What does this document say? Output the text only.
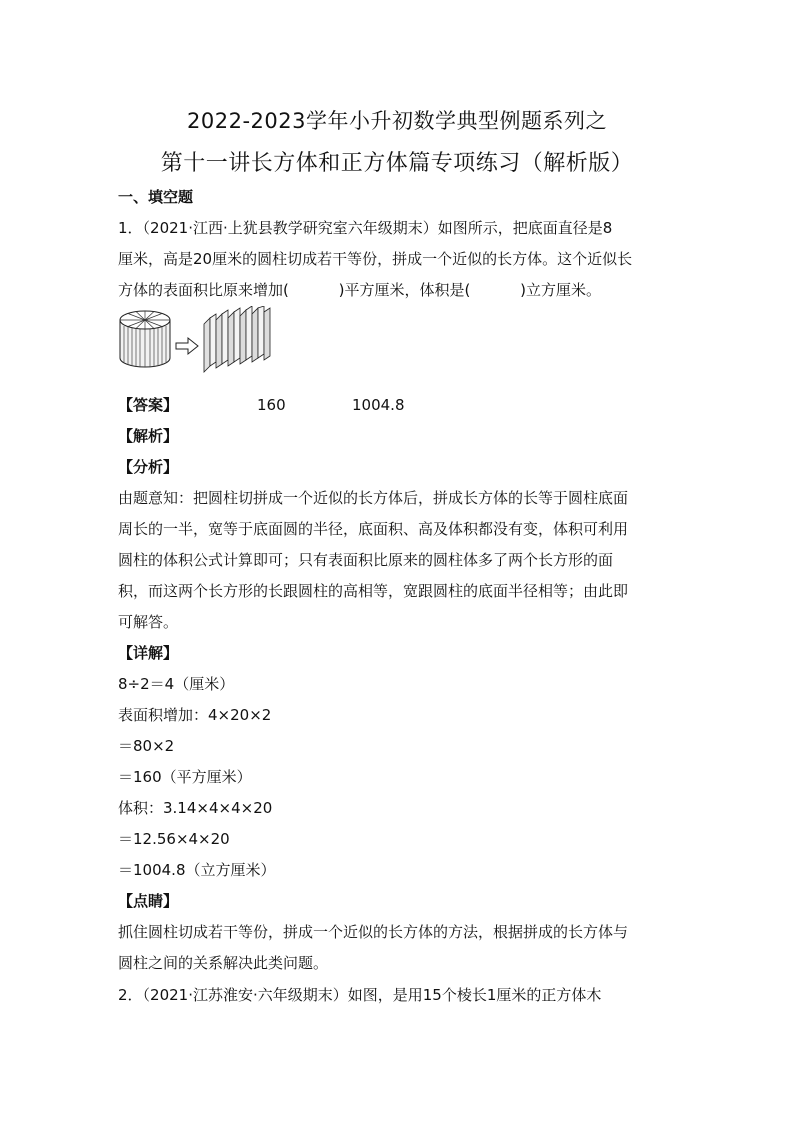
2022-2023学年小升初数学典型例题系列之
第十一讲长方体和正方体篇专项练习（解析版）
一、填空题
1．（2021·江西·上犹县教学研究室六年级期末）如图所示，把底面直径是8
厘米，高是20厘米的圆柱切成若干等份，拼成一个近似的长方体。这个近似长
方体的表面积比原来增加(　　　 )平方厘米，体积是(　　　 )立方厘米。
【答案】	160	1004.8
【解析】
【分析】
由题意知：把圆柱切拼成一个近似的长方体后，拼成长方体的长等于圆柱底面
周长的一半，宽等于底面圆的半径，底面积、高及体积都没有变，体积可利用
圆柱的体积公式计算即可；只有表面积比原来的圆柱体多了两个长方形的面
积，而这两个长方形的长跟圆柱的高相等，宽跟圆柱的底面半径相等；由此即
可解答。
【详解】
8÷2＝4（厘米）
表面积增加：4×20×2
＝80×2
＝160（平方厘米）
体积：3.14×4×4×20
＝12.56×4×20
＝1004.8（立方厘米）
【点睛】
抓住圆柱切成若干等份，拼成一个近似的长方体的方法，根据拼成的长方体与
圆柱之间的关系解决此类问题。
2．（2021·江苏淮安·六年级期末）如图，是用15个棱长1厘米的正方体木
